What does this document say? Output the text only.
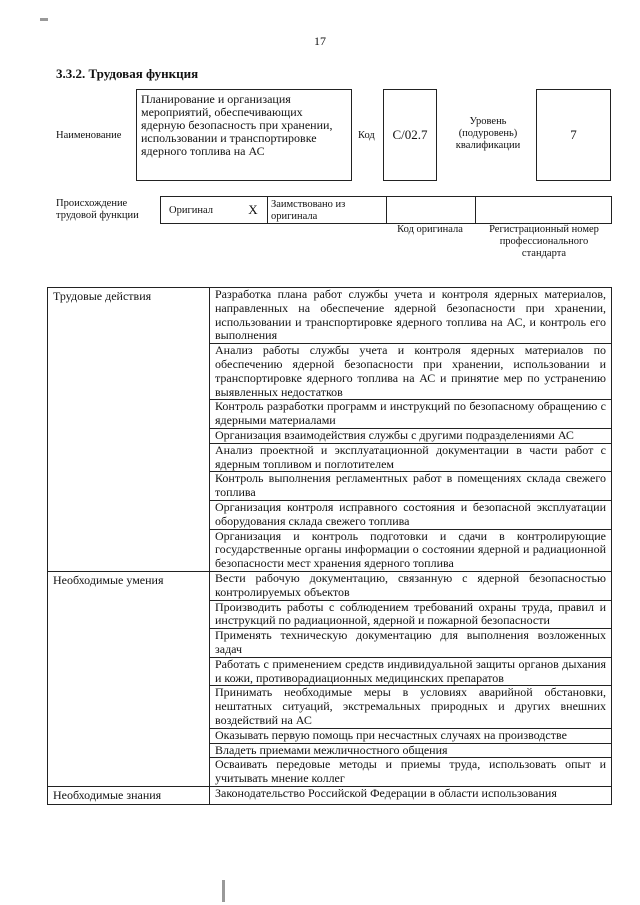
17
3.3.2. Трудовая функция
Наименование
Планирование и организация мероприятий, обеспечивающих ядерную безопасность при хранении, использовании и транспортировке ядерного топлива на АС
Код С/02.7
Уровень (подуровень) квалификации
7
Происхождение трудовой функции	Оригинал	Х	Заимствовано из оригинала
Код оригинала	Регистрационный номер профессионального стандарта
Трудовые действия	Разработка плана работ службы учета и контроля ядерных материалов, направленных на обеспечение ядерной безопасности при хранении, использовании и транспортировке ядерного топлива на АС, и контроль его выполнения
	Анализ работы службы учета и контроля ядерных материалов по обеспечению ядерной безопасности при хранении, использовании и транспортировке ядерного топлива на АС и принятие мер по устранению выявленных недостатков
	Контроль разработки программ и инструкций по безопасному обращению с ядерными материалами
	Организация взаимодействия службы с другими подразделениями АС
	Анализ проектной и эксплуатационной документации в части работ с ядерным топливом и поглотителем
	Контроль выполнения регламентных работ в помещениях склада свежего топлива
	Организация контроля исправного состояния и безопасной эксплуатации оборудования склада свежего топлива
	Организация и контроль подготовки и сдачи в контролирующие государственные органы информации о состоянии ядерной и радиационной безопасности мест хранения ядерного топлива
Необходимые умения	Вести рабочую документацию, связанную с ядерной безопасностью контролируемых объектов
	Производить работы с соблюдением требований охраны труда, правил и инструкций по радиационной, ядерной и пожарной безопасности
	Применять техническую документацию для выполнения возложенных задач
	Работать с применением средств индивидуальной защиты органов дыхания и кожи, противорадиационных медицинских препаратов
	Принимать необходимые меры в условиях аварийной обстановки, нештатных ситуаций, экстремальных природных и других внешних воздействий на АС
	Оказывать первую помощь при несчастных случаях на производстве
	Владеть приемами межличностного общения
	Осваивать передовые методы и приемы труда, использовать опыт и учитывать мнение коллег
Необходимые знания	Законодательство Российской Федерации в области использования
